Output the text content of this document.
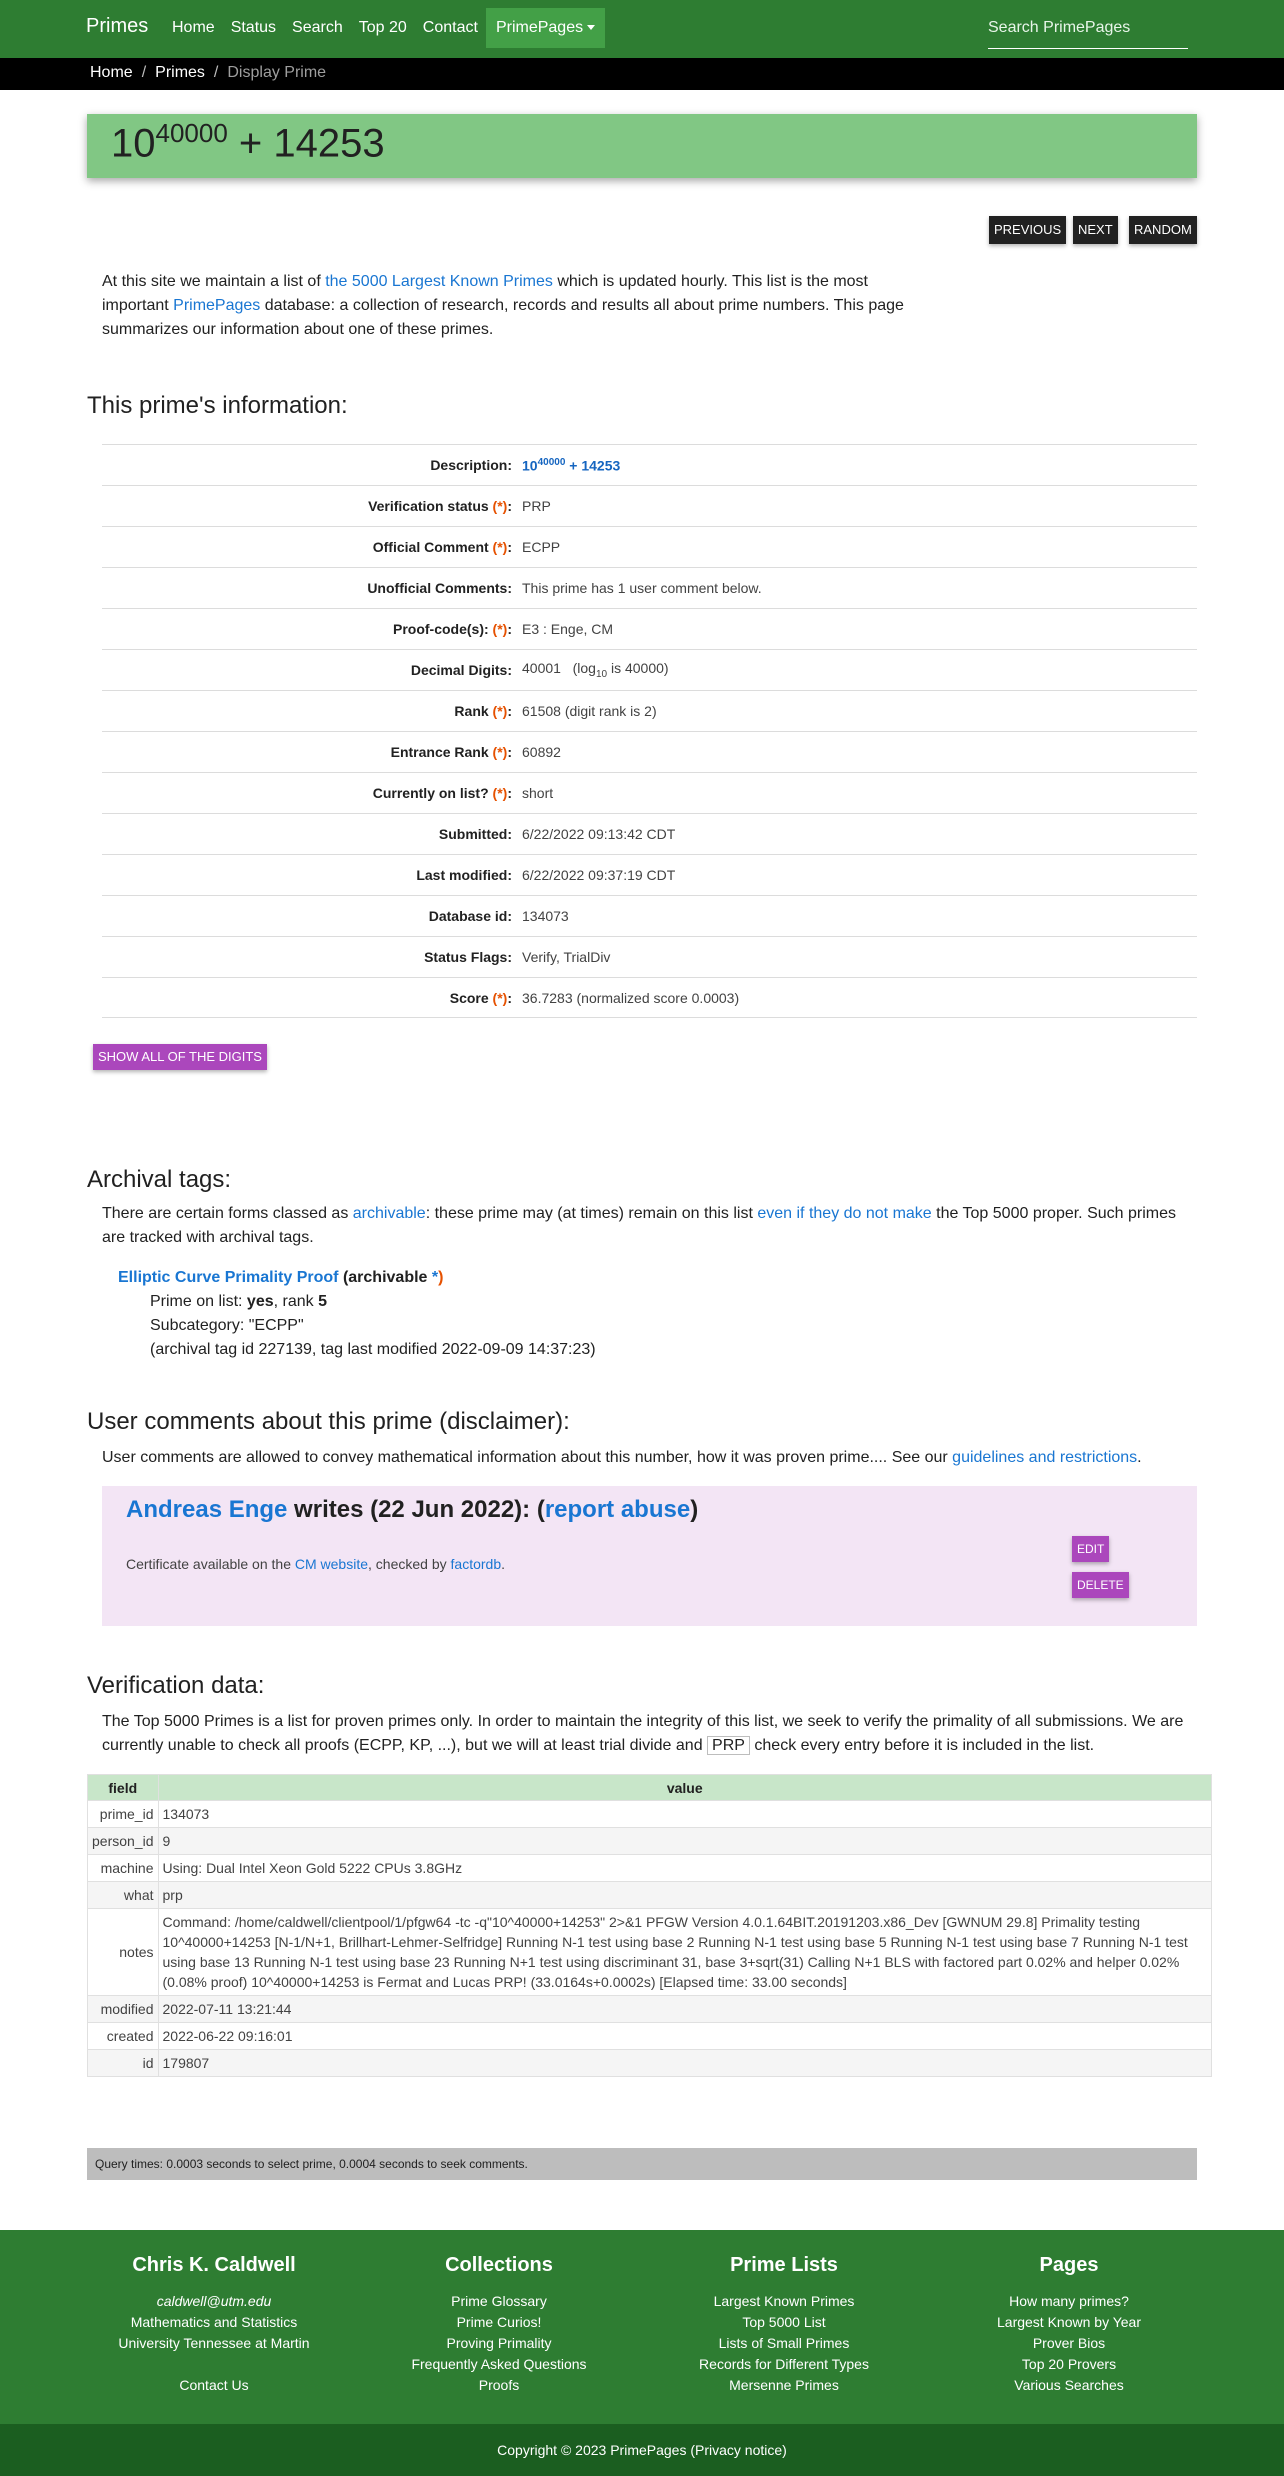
Primes	Home	Status	Search	Top 20	Contact	PrimePages	Search PrimePages
Home / Primes / Display Prime
$10^{40000} + 14253$
PREVIOUS	NEXT	RANDOM
At this site we maintain a list of the 5000 Largest Known Primes which is updated hourly. This list is the most important PrimePages database: a collection of research, records and results all about prime numbers. This page summarizes our information about one of these primes.
This prime's information:
Description: $10^{40000} + 14253$
Verification status (*): PRP
Official Comment (*): ECPP
Unofficial Comments: This prime has 1 user comment below.
Proof-code(s): (*): E3 : Enge, CM
Decimal Digits: 40001 ($\log_{10}$ is 40000)
Rank (*): 61508 (digit rank is 2)
Entrance Rank (*): 60892
Currently on list? (*): short
Submitted: 6/22/2022 09:13:42 CDT
Last modified: 6/22/2022 09:37:19 CDT
Database id: 134073
Status Flags: Verify, TrialDiv
Score (*): 36.7283 (normalized score 0.0003)
SHOW ALL OF THE DIGITS
Archival tags:
There are certain forms classed as archivable: these prime may (at times) remain on this list even if they do not make the Top 5000 proper. Such primes are tracked with archival tags.
Elliptic Curve Primality Proof (archivable *)
Prime on list: yes, rank 5
Subcategory: "ECPP"
(archival tag id 227139, tag last modified 2022-09-09 14:37:23)
User comments about this prime (disclaimer):
User comments are allowed to convey mathematical information about this number, how it was proven prime.... See our guidelines and restrictions.
Andreas Enge writes (22 Jun 2022): (report abuse)
Certificate available on the CM website, checked by factordb.
EDIT
DELETE
Verification data:
The Top 5000 Primes is a list for proven primes only. In order to maintain the integrity of this list, we seek to verify the primality of all submissions. We are currently unable to check all proofs (ECPP, KP, ...), but we will at least trial divide and PRP check every entry before it is included in the list.
field	value
prime_id	134073
person_id	9
machine	Using: Dual Intel Xeon Gold 5222 CPUs 3.8GHz
what	prp
notes	Command: /home/caldwell/clientpool/1/pfgw64 -tc -q"10^40000+14253" 2>&1 PFGW Version 4.0.1.64BIT.20191203.x86_Dev [GWNUM 29.8] Primality testing 10^40000+14253 [N-1/N+1, Brillhart-Lehmer-Selfridge] Running N-1 test using base 2 Running N-1 test using base 5 Running N-1 test using base 7 Running N-1 test using base 13 Running N-1 test using base 23 Running N+1 test using discriminant 31, base 3+sqrt(31) Calling N+1 BLS with factored part 0.02% and helper 0.02% (0.08% proof) 10^40000+14253 is Fermat and Lucas PRP! (33.0164s+0.0002s) [Elapsed time: 33.00 seconds]
modified	2022-07-11 13:21:44
created	2022-06-22 09:16:01
id	179807
Query times: 0.0003 seconds to select prime, 0.0004 seconds to seek comments.
Chris K. Caldwell
caldwell@utm.edu
Mathematics and Statistics
University Tennessee at Martin
Contact Us
Collections
Prime Glossary
Prime Curios!
Proving Primality
Frequently Asked Questions
Proofs
Prime Lists
Largest Known Primes
Top 5000 List
Lists of Small Primes
Records for Different Types
Mersenne Primes
Pages
How many primes?
Largest Known by Year
Prover Bios
Top 20 Provers
Various Searches
Copyright © 2023 PrimePages (Privacy notice)
